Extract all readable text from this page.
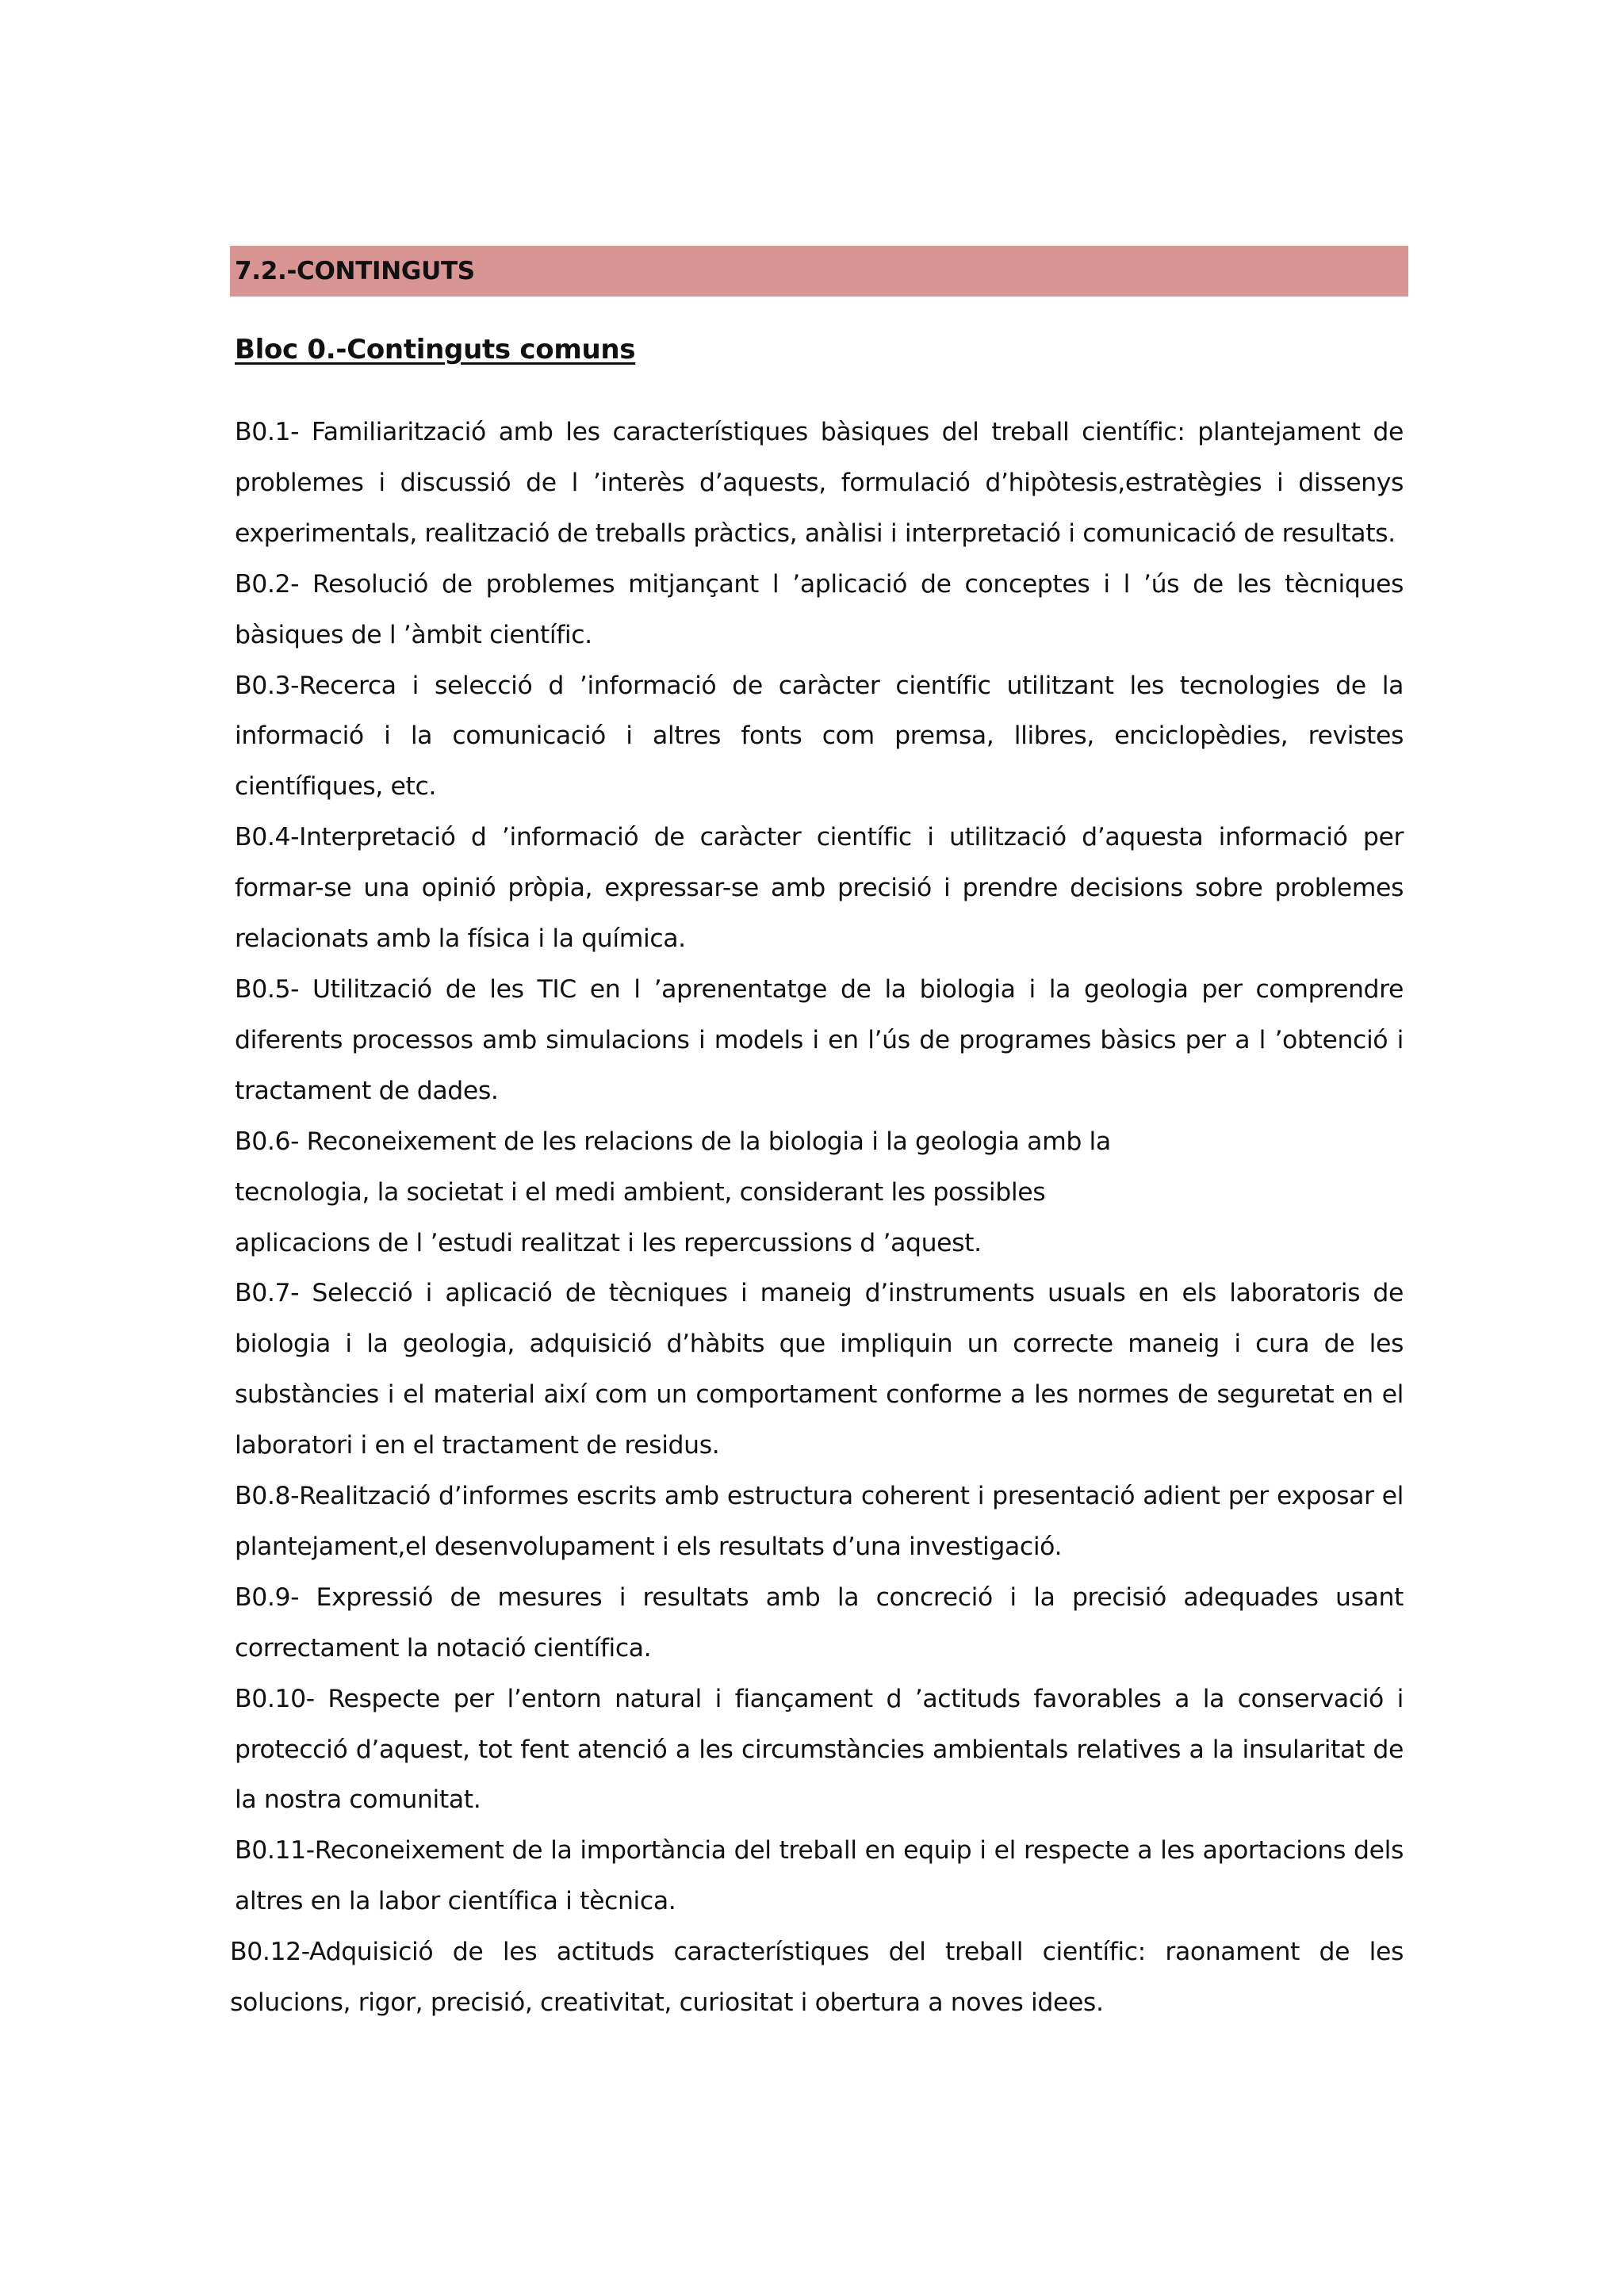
7.2.-CONTINGUTS
Bloc 0.-Continguts comuns

B0.1- Familiarització amb les característiques bàsiques del treball científic: plantejament de problemes i discussió de l ’interès d’aquests, formulació d’hipòtesis,estratègies i dissenys experimentals, realització de treballs pràctics, anàlisi i interpretació i comunicació de resultats.

B0.2- Resolució de problemes mitjançant l ’aplicació de conceptes i l ’ús de les tècniques bàsiques de l ’àmbit científic.

B0.3-Recerca i selecció d ’informació de caràcter científic utilitzant les tecnologies de la informació i la comunicació i altres fonts com premsa, llibres, enciclopèdies, revistes científiques, etc.

B0.4-Interpretació d ’informació de caràcter científic i utilització d’aquesta informació per formar-se una opinió pròpia, expressar-se amb precisió i prendre decisions sobre problemes relacionats amb la física i la química.

B0.5- Utilització de les TIC en l ’aprenentatge de la biologia i la geologia per comprendre diferents processos amb simulacions i models i en l’ús de programes bàsics per a l ’obtenció i tractament de dades.

B0.6- Reconeixement de les relacions de la biologia i la geologia amb la
tecnologia, la societat i el medi ambient, considerant les possibles
aplicacions de l ’estudi realitzat i les repercussions d ’aquest.

B0.7- Selecció i aplicació de tècniques i maneig d’instruments usuals en els laboratoris de biologia i la geologia, adquisició d’hàbits que impliquin un correcte maneig i cura de les substàncies i el material així com un comportament conforme a les normes de seguretat en el laboratori i en el tractament de residus.

B0.8-Realització d’informes escrits amb estructura coherent i presentació adient per exposar el plantejament,el desenvolupament i els resultats d’una investigació.

B0.9- Expressió de mesures i resultats amb la concreció i la precisió adequades usant correctament la notació científica.

B0.10- Respecte per l’entorn natural i fiançament d ’actituds favorables a la conservació i protecció d’aquest, tot fent atenció a les circumstàncies ambientals relatives a la insularitat de la nostra comunitat.

B0.11-Reconeixement de la importància del treball en equip i el respecte a les aportacions dels altres en la labor científica i tècnica.

B0.12-Adquisició de les actituds característiques del treball científic: raonament de les solucions, rigor, precisió, creativitat, curiositat i obertura a noves idees.
